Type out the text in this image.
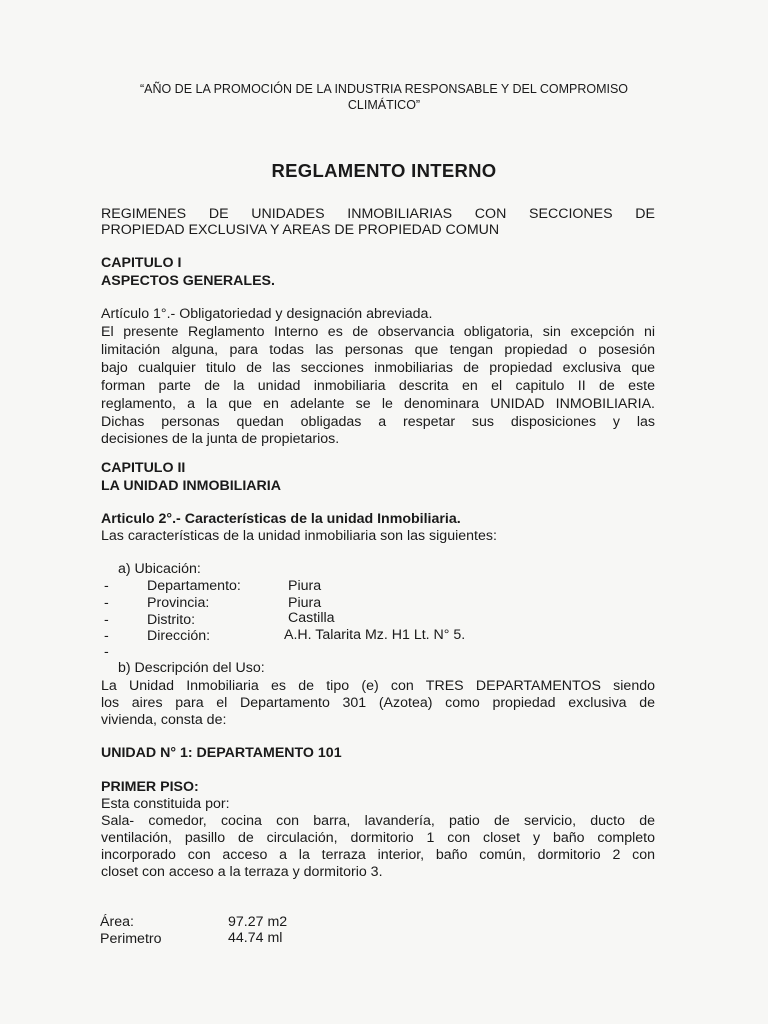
“AÑO DE LA PROMOCIÓN DE LA INDUSTRIA RESPONSABLE Y DEL COMPROMISO
CLIMÁTICO”
REGLAMENTO INTERNO
REGIMENES DE UNIDADES INMOBILIARIAS CON SECCIONES DE
PROPIEDAD EXCLUSIVA Y AREAS DE PROPIEDAD COMUN
CAPITULO I
ASPECTOS GENERALES.
Artículo 1°.- Obligatoriedad y designación abreviada.
El presente Reglamento Interno es de observancia obligatoria, sin excepción ni
limitación alguna, para todas las personas que tengan propiedad o posesión
bajo cualquier titulo de las secciones inmobiliarias de propiedad exclusiva que
forman parte de la unidad inmobiliaria descrita en el capitulo II de este
reglamento, a la que en adelante se le denominara UNIDAD INMOBILIARIA.
Dichas personas quedan obligadas a respetar sus disposiciones y las
decisiones de la junta de propietarios.
CAPITULO II
LA UNIDAD INMOBILIARIA
Articulo 2°.- Características de la unidad Inmobiliaria.
Las características de la unidad inmobiliaria son las siguientes:
a) Ubicación:
-	Departamento:	Piura
-	Provincia:	Piura
-	Distrito:	Castilla
-	Dirección:	A.H. Talarita Mz. H1 Lt. N° 5.
-
b) Descripción del Uso:
La Unidad Inmobiliaria es de tipo (e) con TRES DEPARTAMENTOS siendo
los aires para el Departamento 301 (Azotea) como propiedad exclusiva de
vivienda, consta de:
UNIDAD N° 1: DEPARTAMENTO 101
PRIMER PISO:
Esta constituida por:
Sala- comedor, cocina con barra, lavandería, patio de servicio, ducto de
ventilación, pasillo de circulación, dormitorio 1 con closet y baño completo
incorporado con acceso a la terraza interior, baño común, dormitorio 2 con
closet con acceso a la terraza y dormitorio 3.
Área:	97.27 m2
Perimetro	44.74 ml
